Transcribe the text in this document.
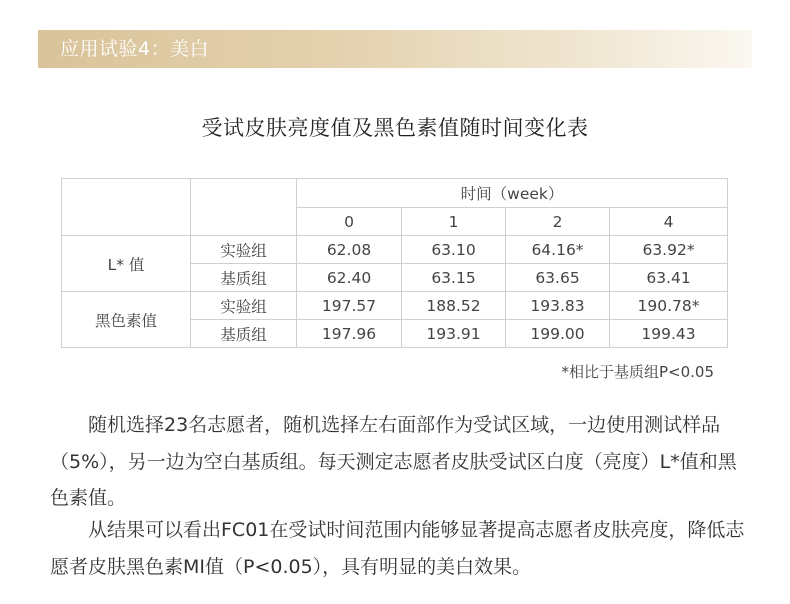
应用试验4：美白
受试皮肤亮度值及黑色素值随时间变化表
		时间（week）			
		0	1	2	4
L* 值	实验组	62.08	63.10	64.16*	63.92*
	基质组	62.40	63.15	63.65	63.41
黑色素值	实验组	197.57	188.52	193.83	190.78*
	基质组	197.96	193.91	199.00	199.43
*相比于基质组P<0.05

随机选择23名志愿者，随机选择左右面部作为受试区域，一边使用测试样品（5%），另一边为空白基质组。每天测定志愿者皮肤受试区白度（亮度）L*值和黑色素值。

从结果可以看出FC01在受试时间范围内能够显著提高志愿者皮肤亮度，降低志愿者皮肤黑色素MI值（P<0.05），具有明显的美白效果。
